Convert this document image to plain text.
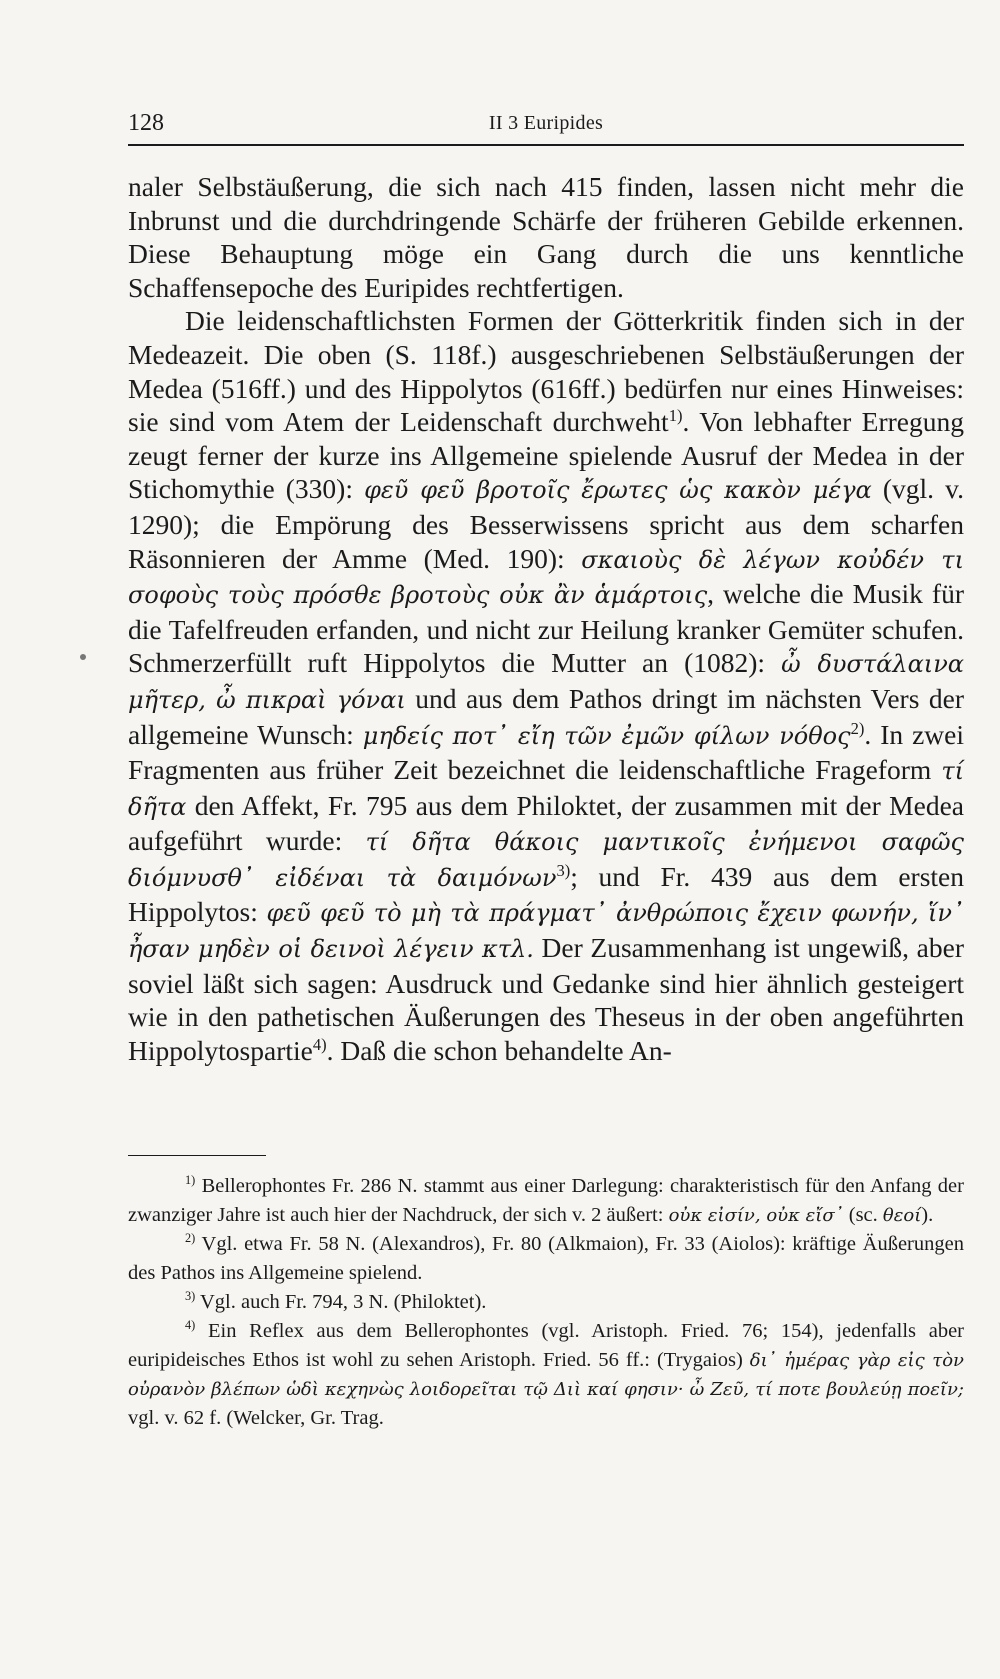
128	II 3 Euripides

naler Selbstäußerung, die sich nach 415 finden, lassen nicht mehr die Inbrunst und die durchdringende Schärfe der früheren Gebilde erkennen. Diese Behauptung möge ein Gang durch die uns kenntliche Schaffensepoche des Euripides rechtfertigen.

Die leidenschaftlichsten Formen der Götterkritik finden sich in der Medeazeit. Die oben (S. 118f.) ausgeschriebenen Selbstäußerungen der Medea (516ff.) und des Hippolytos (616ff.) bedürfen nur eines Hinweises: sie sind vom Atem der Leidenschaft durchweht$^{1)}$. Von lebhafter Erregung zeugt ferner der kurze ins Allgemeine spielende Ausruf der Medea in der Stichomythie (330): φεῦ φεῦ βροτοῖς ἔρωτες ὡς κακὸν μέγα (vgl. v. 1290); die Empörung des Besserwissens spricht aus dem scharfen Räsonnieren der Amme (Med. 190): σκαιοὺς δὲ λέγων κοὐδέν τι σοφοὺς τοὺς πρόσθε βροτοὺς οὐκ ἂν ἁμάρτοις, welche die Musik für die Tafelfreuden erfanden, und nicht zur Heilung kranker Gemüter schufen. Schmerzerfüllt ruft Hippolytos die Mutter an (1082): ὦ δυστάλαινα μῆτερ, ὦ πικραὶ γόναι und aus dem Pathos dringt im nächsten Vers der allgemeine Wunsch: μηδείς ποτ᾽ εἴη τῶν ἐμῶν φίλων νόθος$^{2)}$. In zwei Fragmenten aus früher Zeit bezeichnet die leidenschaftliche Frageform τί δῆτα den Affekt, Fr. 795 aus dem Philoktet, der zusammen mit der Medea aufgeführt wurde: τί δῆτα θάκοις μαντικοῖς ἐνήμενοι σαφῶς διόμνυσθ᾽ εἰδέναι τὰ δαιμόνων$^{3)}$; und Fr. 439 aus dem ersten Hippolytos: φεῦ φεῦ τὸ μὴ τὰ πράγματ᾽ ἀνθρώποις ἔχειν φωνήν, ἵν᾽ ἦσαν μηδὲν οἱ δεινοὶ λέγειν κτλ. Der Zusammenhang ist ungewiß, aber soviel läßt sich sagen: Ausdruck und Gedanke sind hier ähnlich gesteigert wie in den pathetischen Äußerungen des Theseus in der oben angeführten Hippolytospartie$^{4)}$. Daß die schon behandelte An-

$^{1)}$ Bellerophontes Fr. 286 N. stammt aus einer Darlegung: charakteristisch für den Anfang der zwanziger Jahre ist auch hier der Nachdruck, der sich v. 2 äußert: οὐκ εἰσίν, οὐκ εἴσ᾽ (sc. θεοί).

$^{2)}$ Vgl. etwa Fr. 58 N. (Alexandros), Fr. 80 (Alkmaion), Fr. 33 (Aiolos): kräftige Äußerungen des Pathos ins Allgemeine spielend.

$^{3)}$ Vgl. auch Fr. 794, 3 N. (Philoktet).

$^{4)}$ Ein Reflex aus dem Bellerophontes (vgl. Aristoph. Fried. 76; 154), jedenfalls aber euripideisches Ethos ist wohl zu sehen Aristoph. Fried. 56 ff.: (Trygaios) δι᾽ ἡμέρας γὰρ εἰς τὸν οὐρανὸν βλέπων ὡδὶ κεχηνὼς λοιδορεῖται τῷ Διὶ καί φησιν· ὦ Ζεῦ, τί ποτε βουλεύῃ ποεῖν; vgl. v. 62 f. (Welcker, Gr. Trag.
